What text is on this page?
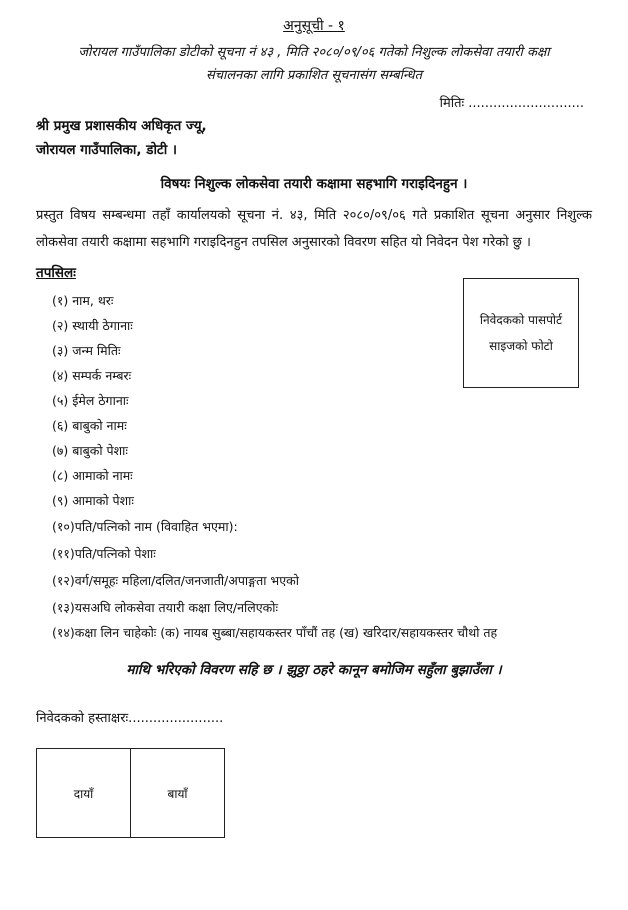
अनुसूची - १
जोरायल गाउँपालिका डोटीको सूचना नं ४३ , मिति २०८०/०९/०६ गतेको निशुल्क लोकसेवा तयारी कक्षा
संचालनका लागि प्रकाशित सूचनासंग सम्बन्धित
मितिः ............................
श्री प्रमुख प्रशासकीय अधिकृत ज्यू,
जोरायल गाउँपालिका, डोटी ।
विषयः निशुल्क लोकसेवा तयारी कक्षामा सहभागि गराइदिनहुन ।
प्रस्तुत विषय सम्बन्धमा तहाँ कार्यालयको सूचना नं. ४३, मिति २०८०/०९/०६ गते प्रकाशित सूचना अनुसार निशुल्क लोकसेवा तयारी कक्षामा सहभागि गराइदिनहुन तपसिल अनुसारको विवरण सहित यो निवेदन पेश गरेको छु ।
तपसिलः
(१) नाम, थरः
(२) स्थायी ठेगानाः
(३) जन्म मितिः
(४) सम्पर्क नम्बरः
(५) ईमेल ठेगानाः
(६) बाबुको नामः
(७) बाबुको पेशाः
(८) आमाको नामः
(९) आमाको पेशाः
(१०)पति/पत्निको नाम (विवाहित भएमा):
(११)पति/पत्निको पेशाः
(१२)वर्ग/समूहः महिला/दलित/जनजाती/अपाङ्गता भएको
(१३)यसअघि लोकसेवा तयारी कक्षा लिए/नलिएकोः
(१४)कक्षा लिन चाहेकोः (क) नायब सुब्बा/सहायकस्तर पाँचौं तह (ख) खरिदार/सहायकस्तर चौथो तह
निवेदकको पासपोर्ट
साइजको फोटो
माथि भरिएको विवरण सहि छ । झुठ्ठा ठहरे कानून बमोजिम सहुँला बुझाउँला ।
निवेदकको हस्ताक्षरः.......................
दायाँ	बायाँ
